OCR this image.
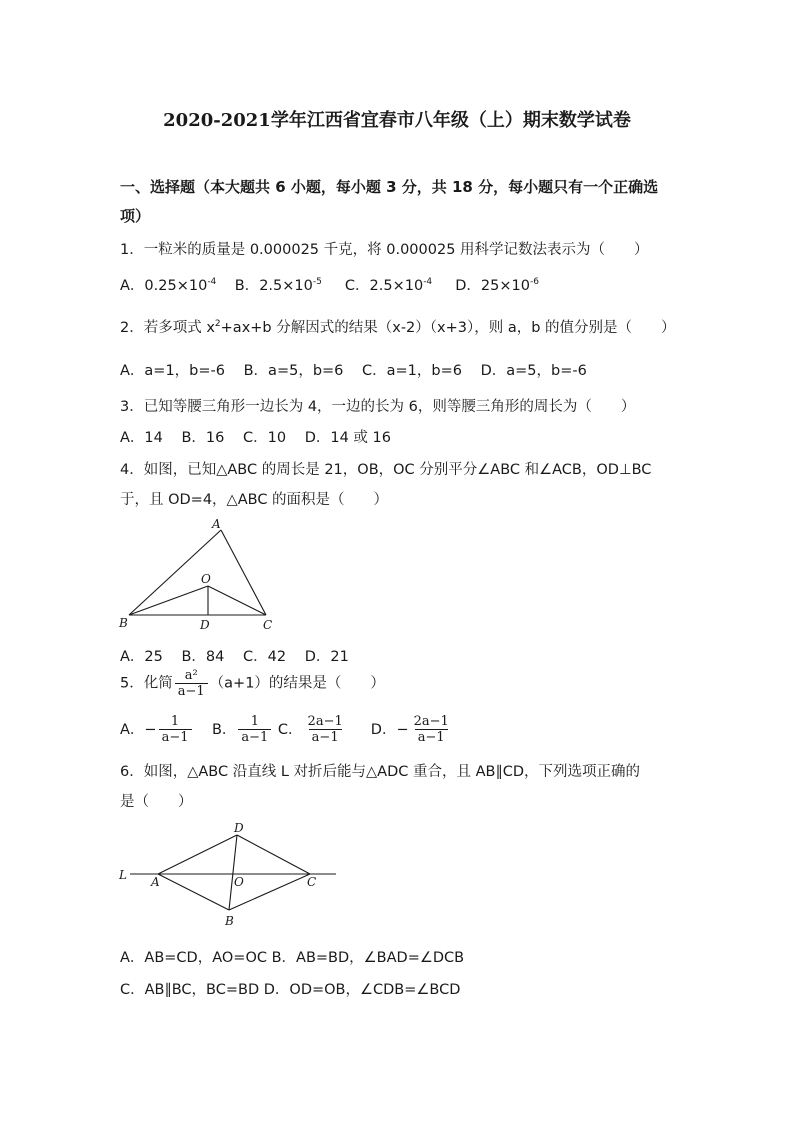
2020-2021学年江西省宜春市八年级（上）期末数学试卷
一、选择题（本大题共 6 小题，每小题 3 分，共 18 分，每小题只有一个正确选
项）
1．一粒米的质量是 0.000025 千克，将 0.000025 用科学记数法表示为（　　）
A．$0.25\times 10^{-4}$ B．$2.5\times 10^{-5}$ C．$2.5\times 10^{-4}$ D．$25\times 10^{-6}$
2．若多项式 $x^2+ax+b$ 分解因式的结果（x-2）（x+3），则 a，b 的值分别是（　　）
A．a=1，b=-6 B．a=5，b=6 C．a=1，b=6 D．a=5，b=-6
3．已知等腰三角形一边长为 4，一边的长为 6，则等腰三角形的周长为（　　）
A．14 B．16 C．10 D．14 或 16
4．如图，已知△ABC 的周长是 21，OB，OC 分别平分∠ABC 和∠ACB，OD⊥BC
于，且 OD=4，△ABC 的面积是（　　）
A
O
B	D	C
A．25 B．84 C．42 D．21
5．化简 $\frac{\text{a²}}{a-1} (a+1)$的结果是（　　）
A．− $\frac{1}{a-1}$ B． $\frac{1}{a-1}$ C． $\frac{2a-1}{a-1}$ D．− $\frac{2a-1}{a-1}$
6．如图，△ABC 沿直线 L 对折后能与△ADC 重合，且 AB∥CD，下列选项正确的
是（　　）
L A	O	C
D
B
A．AB=CD，AO=OC B．AB=BD，∠BAD=∠DCB
C．AB∥BC，BC=BD D．OD=OB，∠CDB=∠BCD
